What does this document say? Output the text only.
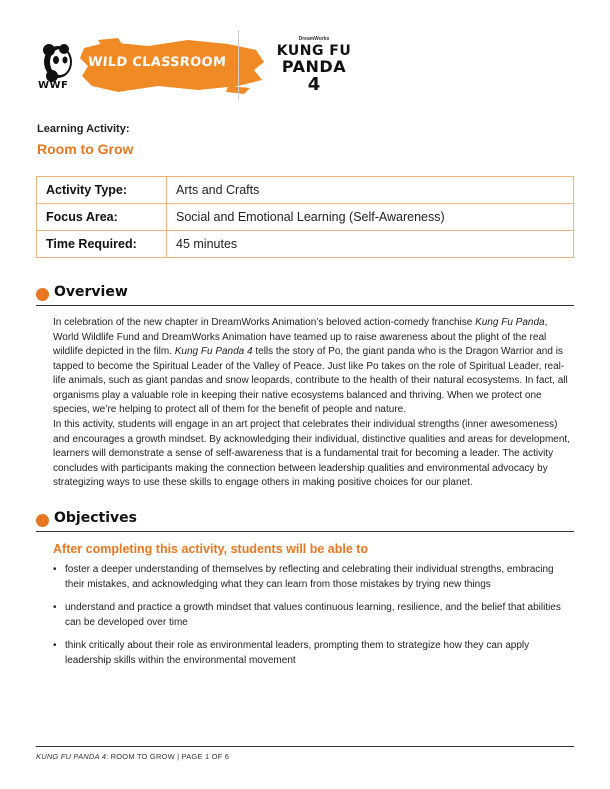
WWF
WILD CLASSROOM
DreamWorks
KUNG FU
PANDA
4
Learning Activity:
Room to Grow
Activity Type:	Arts and Crafts
Focus Area:	Social and Emotional Learning (Self-Awareness)
Time Required:	45 minutes
Overview

In celebration of the new chapter in DreamWorks Animation’s beloved action-comedy franchise Kung Fu Panda, World Wildlife Fund and DreamWorks Animation have teamed up to raise awareness about the plight of the real wildlife depicted in the film. Kung Fu Panda 4 tells the story of Po, the giant panda who is the Dragon Warrior and is tapped to become the Spiritual Leader of the Valley of Peace. Just like Po takes on the role of Spiritual Leader, real-life animals, such as giant pandas and snow leopards, contribute to the health of their natural ecosystems. In fact, all organisms play a valuable role in keeping their native ecosystems balanced and thriving. When we protect one species, we’re helping to protect all of them for the benefit of people and nature.

In this activity, students will engage in an art project that celebrates their individual strengths (inner awesomeness) and encourages a growth mindset. By acknowledging their individual, distinctive qualities and areas for development, learners will demonstrate a sense of self-awareness that is a fundamental trait for becoming a leader. The activity concludes with participants making the connection between leadership qualities and environmental advocacy by strategizing ways to use these skills to engage others in making positive choices for our planet.

Objectives
After completing this activity, students will be able to
• foster a deeper understanding of themselves by reflecting and celebrating their individual strengths, embracing their mistakes, and acknowledging what they can learn from those mistakes by trying new things
• understand and practice a growth mindset that values continuous learning, resilience, and the belief that abilities can be developed over time
• think critically about their role as environmental leaders, prompting them to strategize how they can apply leadership skills within the environmental movement
KUNG FU PANDA 4: ROOM TO GROW | PAGE 1 OF 6
